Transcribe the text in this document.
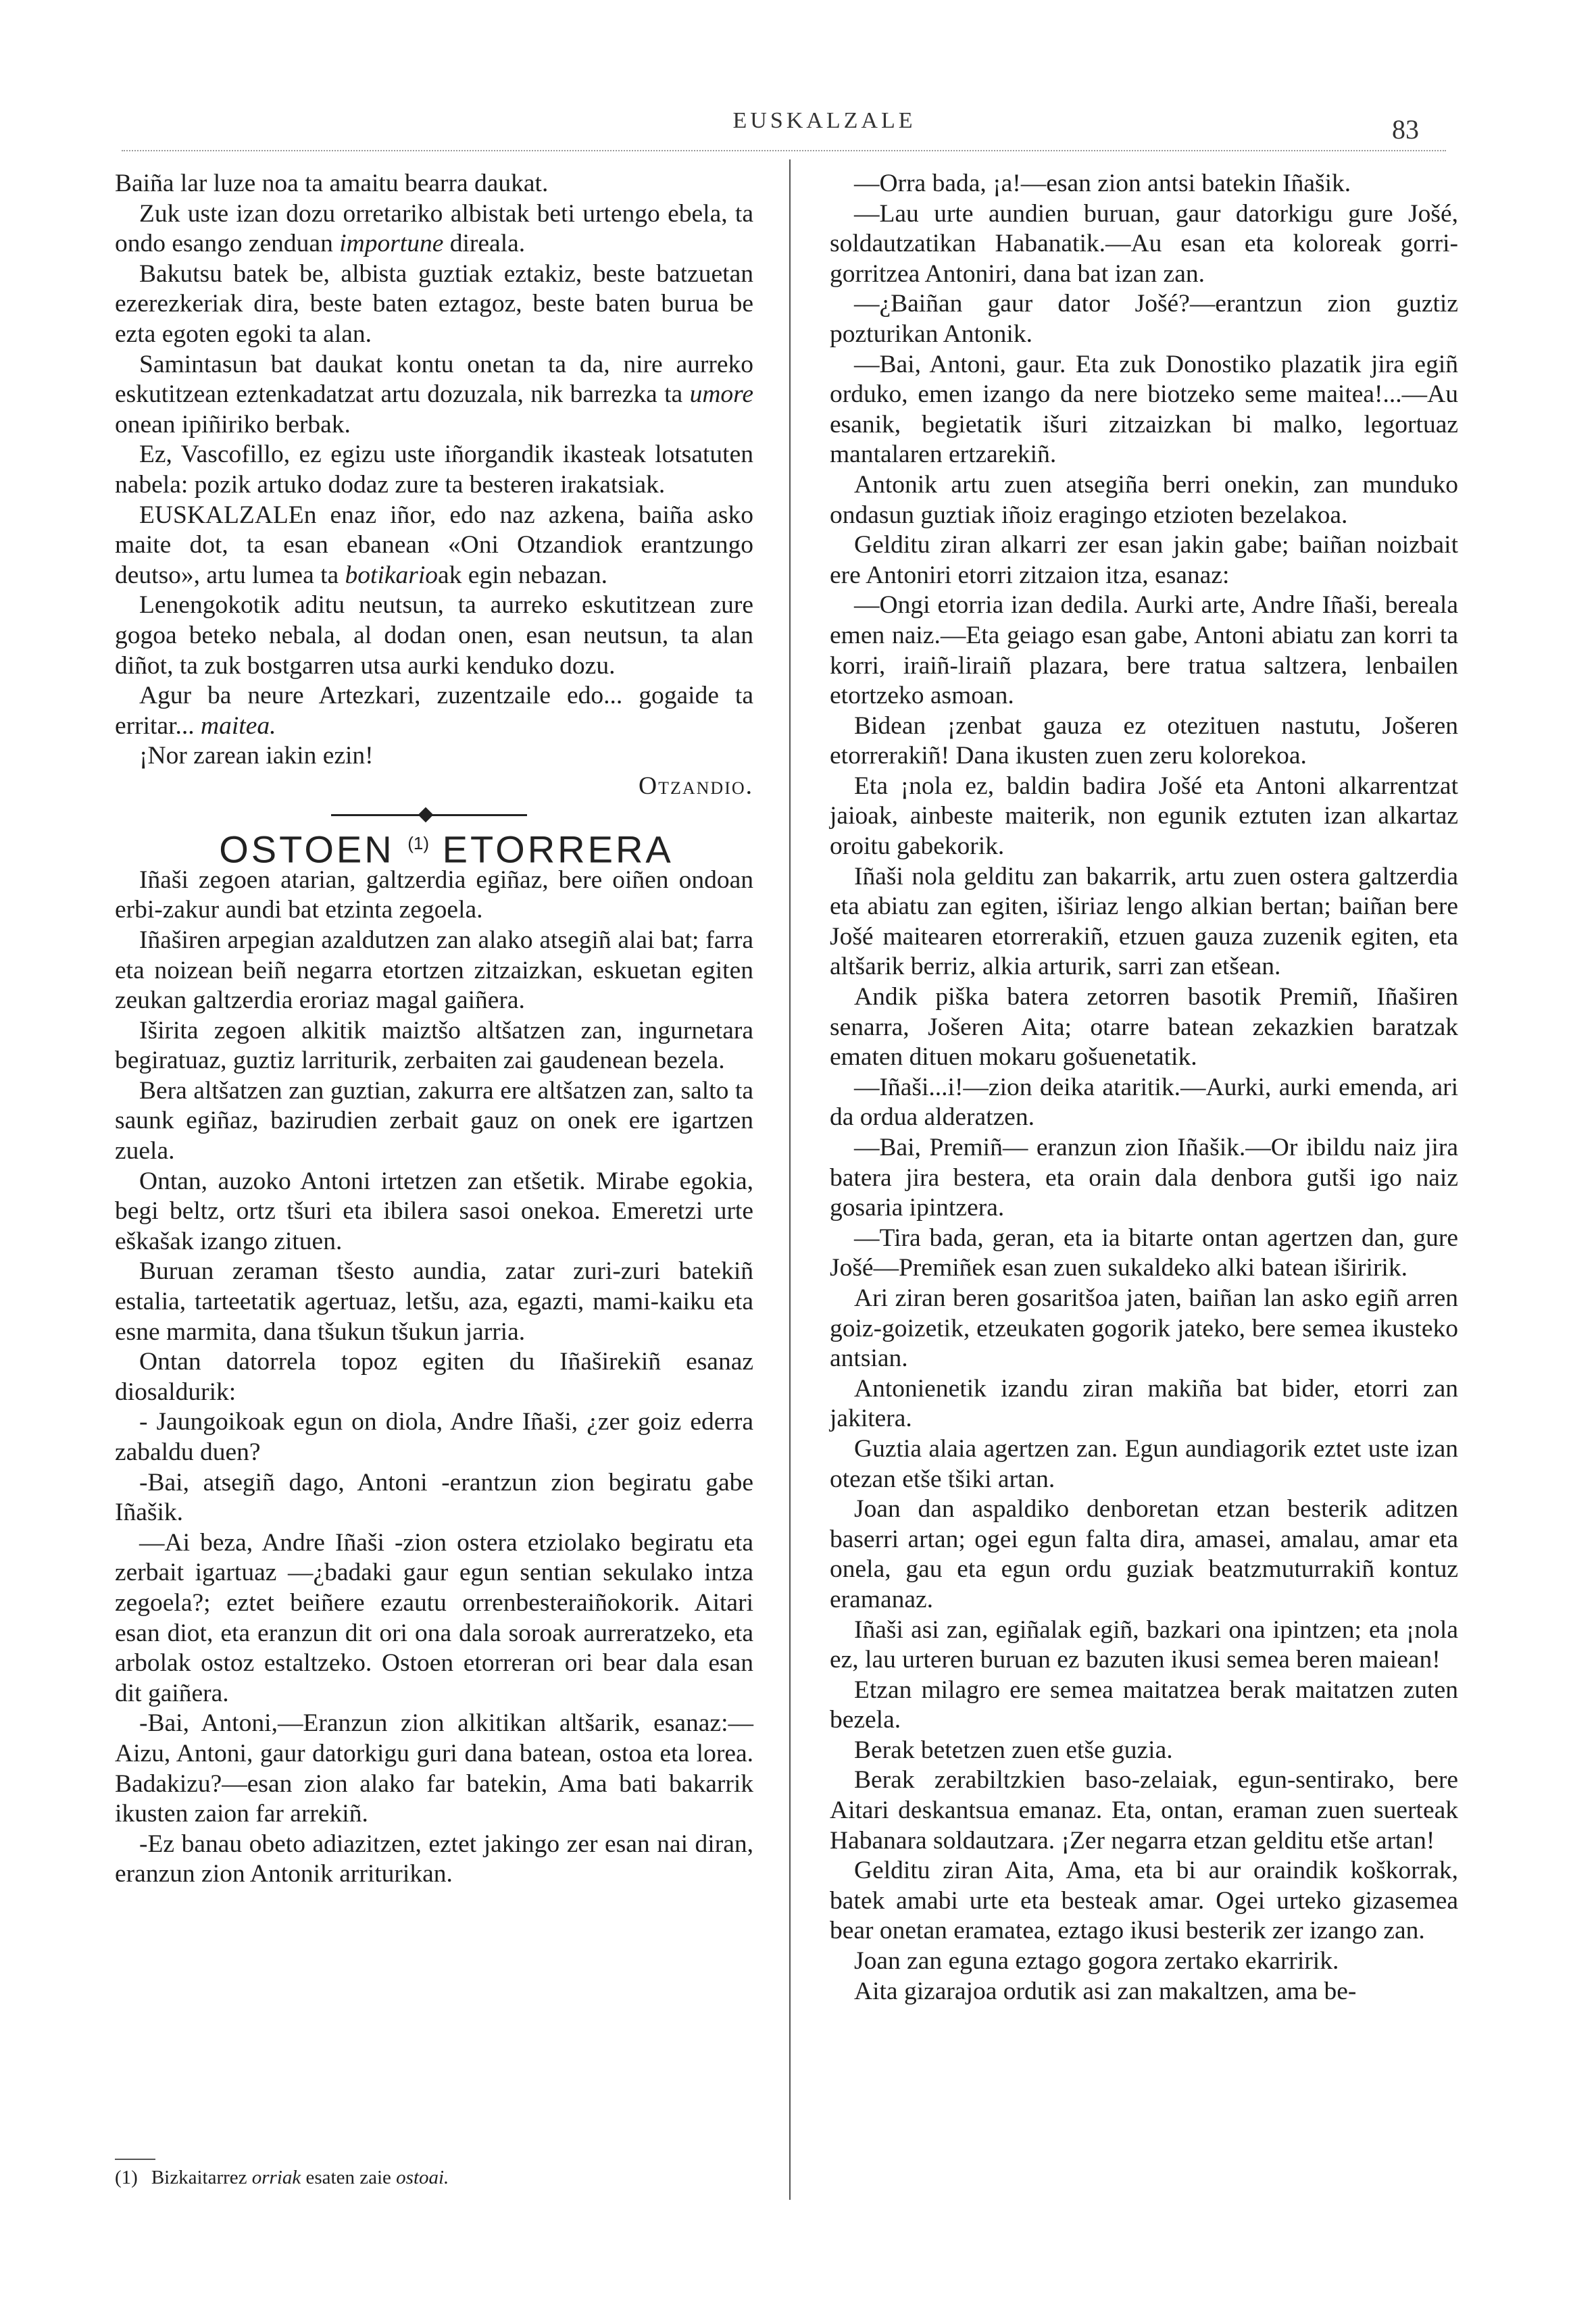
EUSKALZALE	83

Baiña lar luze noa ta amaitu bearra daukat.

Zuk uste izan dozu orretariko albistak beti urtengo ebela, ta ondo esango zenduan importune direala.

Bakutsu batek be, albista guztiak eztakiz, beste batzuetan ezerezkeriak dira, beste baten eztagoz, beste baten burua be ezta egoten egoki ta alan.

Samintasun bat daukat kontu onetan ta da, nire aurreko eskutitzean eztenkadatzat artu dozuzala, nik barrezka ta umore onean ipiñiriko berbak.

Ez, Vascofillo, ez egizu uste iñorgandik ikasteak lotsatuten nabela: pozik artuko dodaz zure ta besteren irakatsiak.

EUSKALZALEn enaz iñor, edo naz azkena, baiña asko maite dot, ta esan ebanean «Oni Otzandiok erantzungo deutso», artu lumea ta botikarioak egin nebazan.

Lenengokotik aditu neutsun, ta aurreko eskutitzean zure gogoa beteko nebala, al dodan onen, esan neutsun, ta alan diñot, ta zuk bostgarren utsa aurki kenduko dozu.

Agur ba neure Artezkari, zuzentzaile edo... gogaide ta erritar... maitea.

¡Nor zarean iakin ezin!

Otzandio.

OSTOEN $^{(1)}$ ETORRERA

Iñaši zegoen atarian, galtzerdia egiñaz, bere oiñen ondoan erbi-zakur aundi bat etzinta zegoela.

Iñaširen arpegian azaldutzen zan alako atsegiñ alai bat; farra eta noizean beiñ negarra etortzen zitzaizkan, eskuetan egiten zeukan galtzerdia eroriaz magal gaiñera.

Iširita zegoen alkitik maiztšo altšatzen zan, ingurnetara begiratuaz, guztiz larriturik, zerbaiten zai gaudenean bezela.

Bera altšatzen zan guztian, zakurra ere altšatzen zan, salto ta saunk egiñaz, bazirudien zerbait gauz on onek ere igartzen zuela.

Ontan, auzoko Antoni irtetzen zan etšetik. Mirabe egokia, begi beltz, ortz tšuri eta ibilera sasoi onekoa. Emeretzi urte eškašak izango zituen.

Buruan zeraman tšesto aundia, zatar zuri-zuri batekiñ estalia, tarteetatik agertuaz, letšu, aza, egazti, mami-kaiku eta esne marmita, dana tšukun tšukun jarria.

Ontan datorrela topoz egiten du Iñaširekiñ esanaz diosaldurik:

- Jaungoikoak egun on diola, Andre Iñaši, ¿zer goiz ederra zabaldu duen?

-Bai, atsegiñ dago, Antoni -erantzun zion begiratu gabe Iñašik.

—Ai beza, Andre Iñaši -zion ostera etziolako begiratu eta zerbait igartuaz —¿badaki gaur egun sentian sekulako intza zegoela?; eztet beiñere ezautu orrenbesteraiñokorik. Aitari esan diot, eta eranzun dit ori ona dala soroak aurreratzeko, eta arbolak ostoz estaltzeko. Ostoen etorreran ori bear dala esan dit gaiñera.

-Bai, Antoni,—Eranzun zion alkitikan altšarik, esanaz:—Aizu, Antoni, gaur datorkigu guri dana batean, ostoa eta lorea. Badakizu?—esan zion alako far batekin, Ama bati bakarrik ikusten zaion far arrekiñ.

-Ez banau obeto adiazitzen, eztet jakingo zer esan nai diran, eranzun zion Antonik arriturikan.

(1) Bizkaitarrez orriak esaten zaie ostoai.

—Orra bada, ¡a!—esan zion antsi batekin Iñašik.

—Lau urte aundien buruan, gaur datorkigu gure Jošé, soldautzatikan Habanatik.—Au esan eta koloreak gorri-gorritzea Antoniri, dana bat izan zan.

—¿Baiñan gaur dator Jošé?—erantzun zion guztiz pozturikan Antonik.

—Bai, Antoni, gaur. Eta zuk Donostiko plazatik jira egiñ orduko, emen izango da nere biotzeko seme maitea!...—Au esanik, begietatik išuri zitzaizkan bi malko, legortuaz mantalaren ertzarekiñ.

Antonik artu zuen atsegiña berri onekin, zan munduko ondasun guztiak iñoiz eragingo etzioten bezelakoa.

Gelditu ziran alkarri zer esan jakin gabe; baiñan noizbait ere Antoniri etorri zitzaion itza, esanaz:

—Ongi etorria izan dedila. Aurki arte, Andre Iñaši, bereala emen naiz.—Eta geiago esan gabe, Antoni abiatu zan korri ta korri, iraiñ-liraiñ plazara, bere tratua saltzera, lenbailen etortzeko asmoan.

Bidean ¡zenbat gauza ez otezituen nastutu, Jošeren etorrerakiñ! Dana ikusten zuen zeru kolorekoa.

Eta ¡nola ez, baldin badira Jošé eta Antoni alkarrentzat jaioak, ainbeste maiterik, non egunik eztuten izan alkartaz oroitu gabekorik.

Iñaši nola gelditu zan bakarrik, artu zuen ostera galtzerdia eta abiatu zan egiten, iširiaz lengo alkian bertan; baiñan bere Jošé maitearen etorrerakiñ, etzuen gauza zuzenik egiten, eta altšarik berriz, alkia arturik, sarri zan etšean.

Andik piška batera zetorren basotik Premiñ, Iñaširen senarra, Jošeren Aita; otarre batean zekazkien baratzak ematen dituen mokaru gošuenetatik.

—Iñaši...i!—zion deika ataritik.—Aurki, aurki emenda, ari da ordua alderatzen.

—Bai, Premiñ— eranzun zion Iñašik.—Or ibildu naiz jira batera jira bestera, eta orain dala denbora gutši igo naiz gosaria ipintzera.

—Tira bada, geran, eta ia bitarte ontan agertzen dan, gure Jošé—Premiñek esan zuen sukaldeko alki batean iširirik.

Ari ziran beren gosaritšoa jaten, baiñan lan asko egiñ arren goiz-goizetik, etzeukaten gogorik jateko, bere semea ikusteko antsian.

Antonienetik izandu ziran makiña bat bider, etorri zan jakitera.

Guztia alaia agertzen zan. Egun aundiagorik eztet uste izan otezan etše tšiki artan.

Joan dan aspaldiko denboretan etzan besterik aditzen baserri artan; ogei egun falta dira, amasei, amalau, amar eta onela, gau eta egun ordu guziak beatzmuturrakiñ kontuz eramanaz.

Iñaši asi zan, egiñalak egiñ, bazkari ona ipintzen; eta ¡nola ez, lau urteren buruan ez bazuten ikusi semea beren maiean!

Etzan milagro ere semea maitatzea berak maitatzen zuten bezela.

Berak betetzen zuen etše guzia.

Berak zerabiltzkien baso-zelaiak, egun-sentirako, bere Aitari deskantsua emanaz. Eta, ontan, eraman zuen suerteak Habanara soldautzara. ¡Zer negarra etzan gelditu etše artan!

Gelditu ziran Aita, Ama, eta bi aur oraindik koškorrak, batek amabi urte eta besteak amar. Ogei urteko gizasemea bear onetan eramatea, eztago ikusi besterik zer izango zan.

Joan zan eguna eztago gogora zertako ekarririk.

Aita gizarajoa ordutik asi zan makaltzen, ama be-
